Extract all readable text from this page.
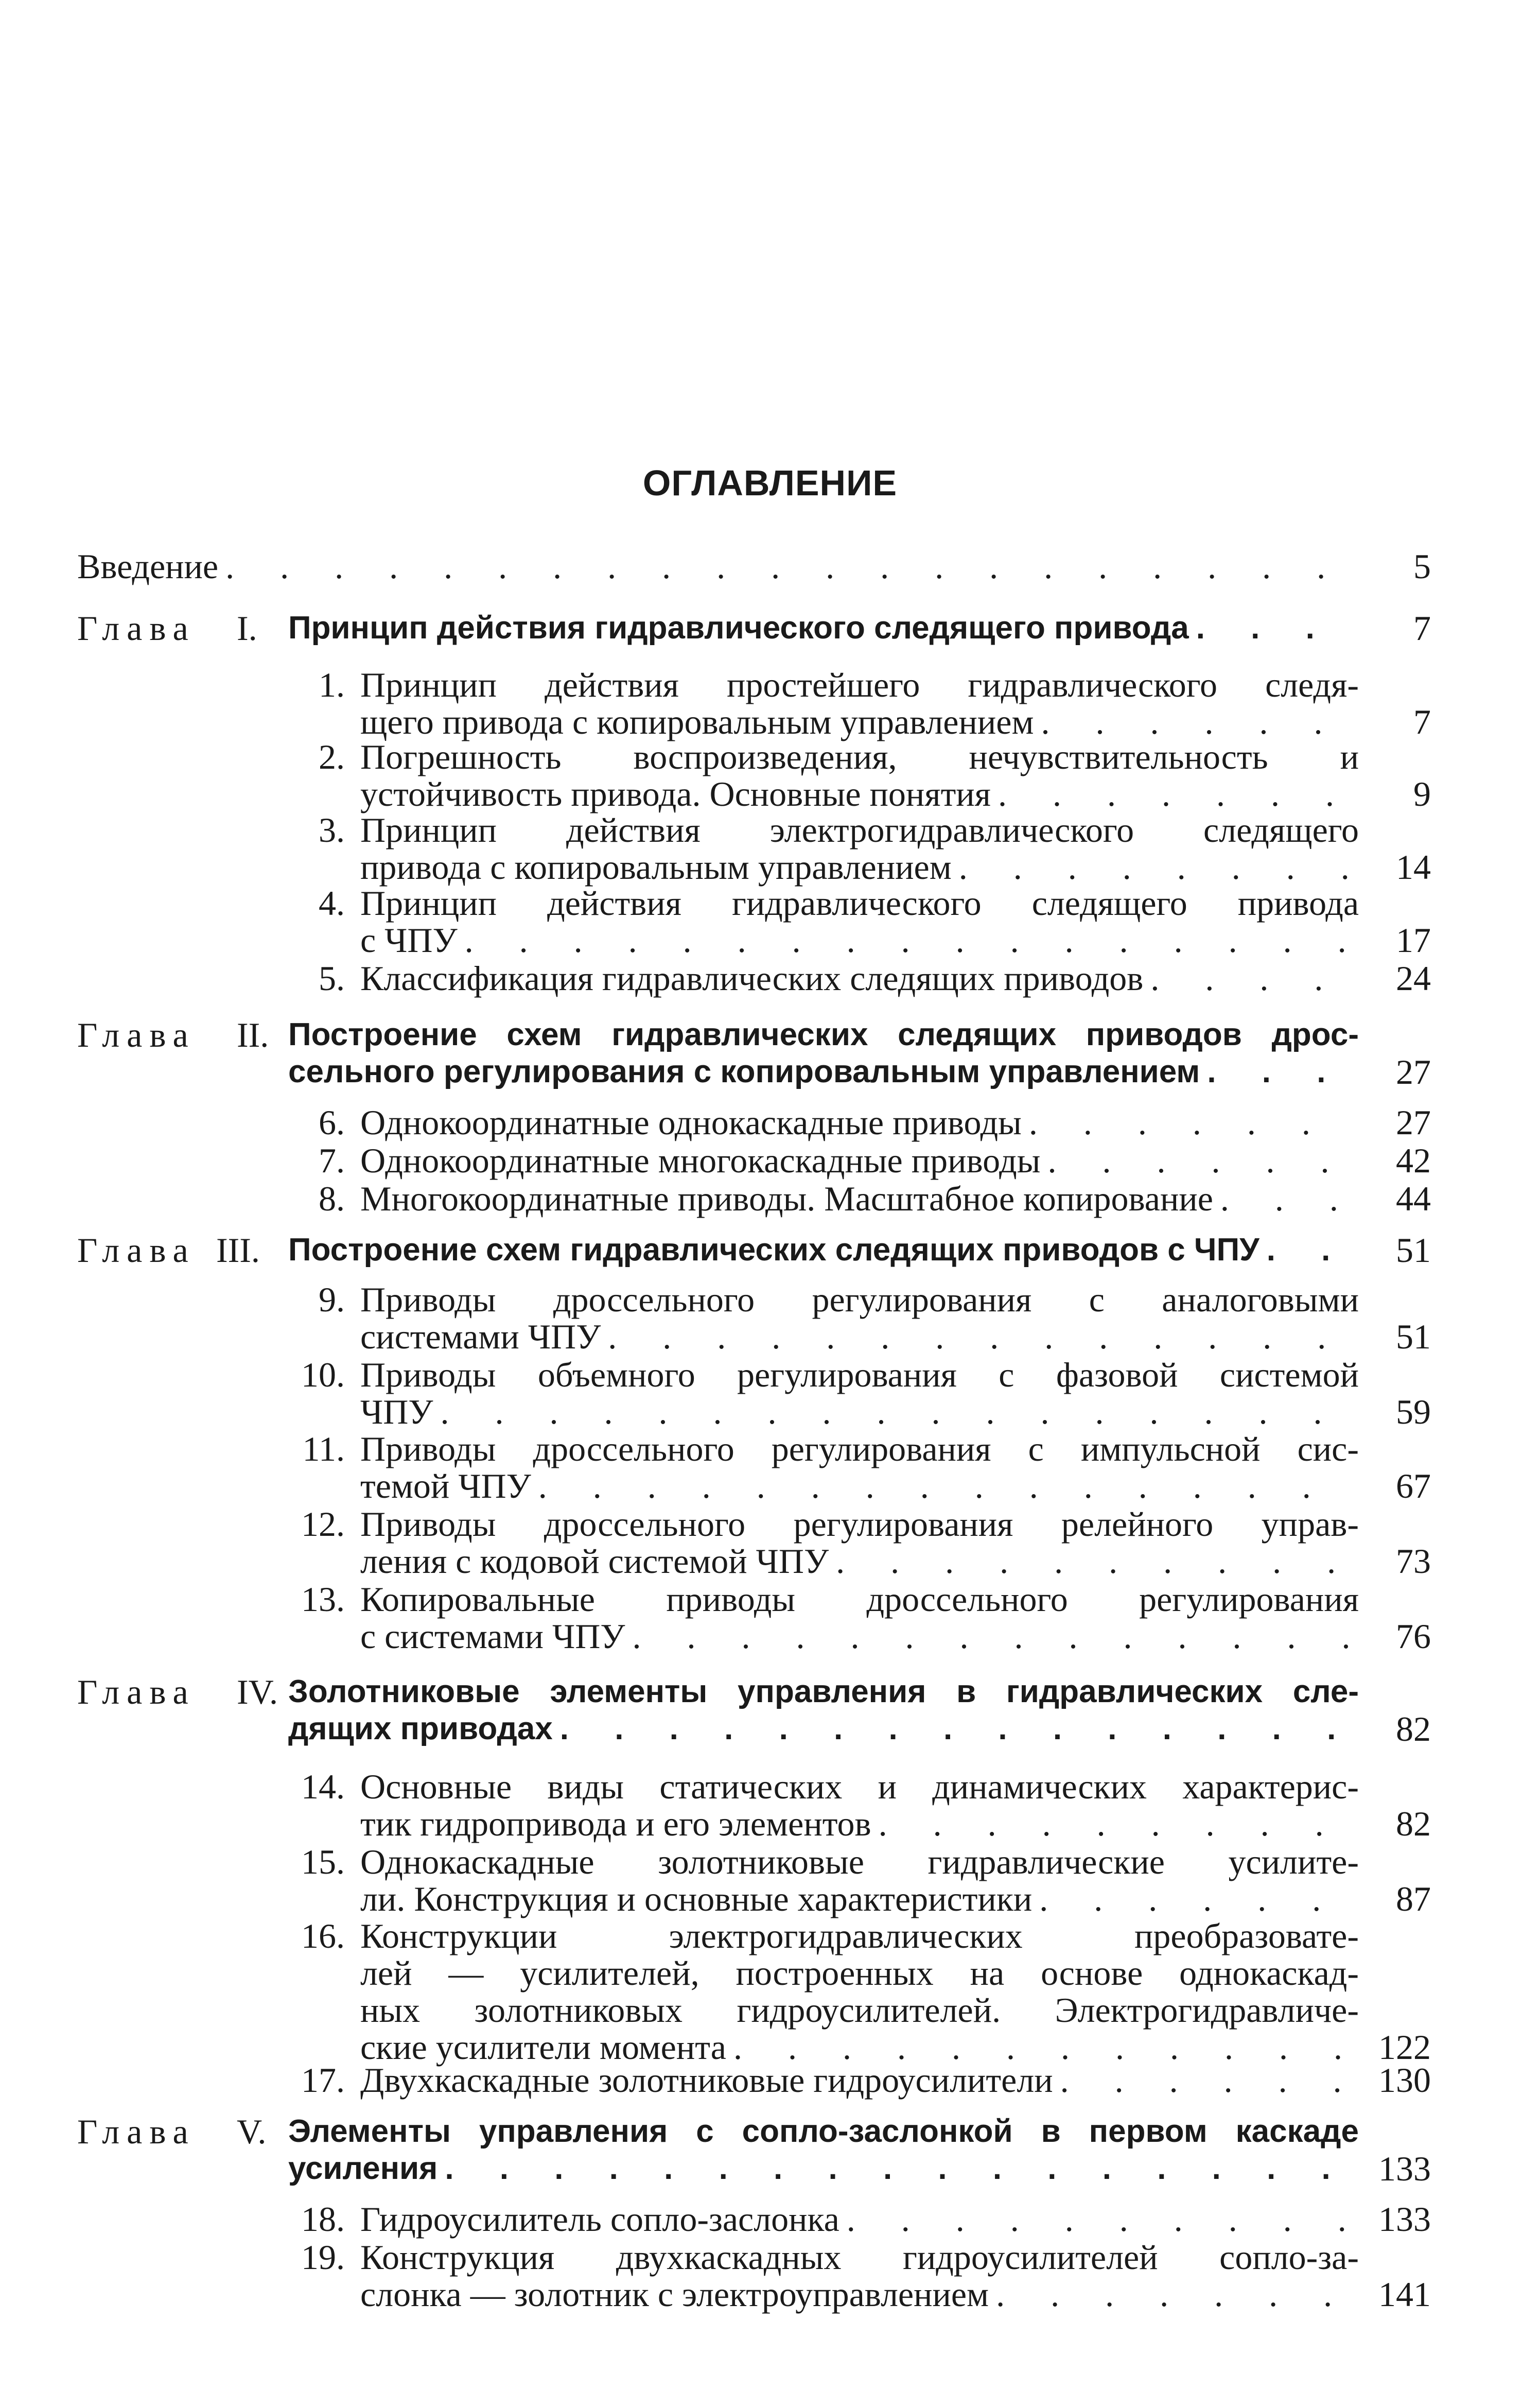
ОГЛАВЛЕНИЕ
Введение . . .	5
Глава I. Принцип действия гидравлического следящего привода . . .	7
1. Принцип действия простейшего гидравлического следя-
щего привода с копировальным управлением . . .	7
2. Погрешность воспроизведения, нечувствительность и
устойчивость привода. Основные понятия . . .	9
3. Принцип действия электрогидравлического следящего
привода с копировальным управлением . . .	14
4. Принцип действия гидравлического следящего привода
с ЧПУ . . .	17
5. Классификация гидравлических следящих приводов . . .	24
Глава II. Построение схем гидравлических следящих приводов дрос-
сельного регулирования с копировальным управлением . . .	27
6. Однокоординатные однокаскадные приводы . . .	27
7. Однокоординатные многокаскадные приводы . . .	42
8. Многокоординатные приводы. Масштабное копирование . . .	44
Глава III. Построение схем гидравлических следящих приводов с ЧПУ . . .	51
9. Приводы дроссельного регулирования с аналоговыми
системами ЧПУ . . .	51
10. Приводы объемного регулирования с фазовой системой
ЧПУ . . .	59
11. Приводы дроссельного регулирования с импульсной сис-
темой ЧПУ . . .	67
12. Приводы дроссельного регулирования релейного управ-
ления с кодовой системой ЧПУ . . .	73
13. Копировальные приводы дроссельного регулирования
с системами ЧПУ . . .	76
Глава IV. Золотниковые элементы управления в гидравлических сле-
дящих приводах . . .	82
14. Основные виды статических и динамических характерис-
тик гидропривода и его элементов . . .	82
15. Однокаскадные золотниковые гидравлические усилите-
ли. Конструкция и основные характеристики . . .	87
16. Конструкции электрогидравлических преобразовате-
лей — усилителей, построенных на основе однокаскад-
ных золотниковых гидроусилителей. Электрогидравличе-
ские усилители момента . . .	122
17. Двухкаскадные золотниковые гидроусилители . . .	130
Глава V. Элементы управления с сопло-заслонкой в первом каскаде
усиления . . .	133
18. Гидроусилитель сопло-заслонка . . .	133
19. Конструкция двухкаскадных гидроусилителей сопло-за-
слонка — золотник с электроуправлением . . .	141
